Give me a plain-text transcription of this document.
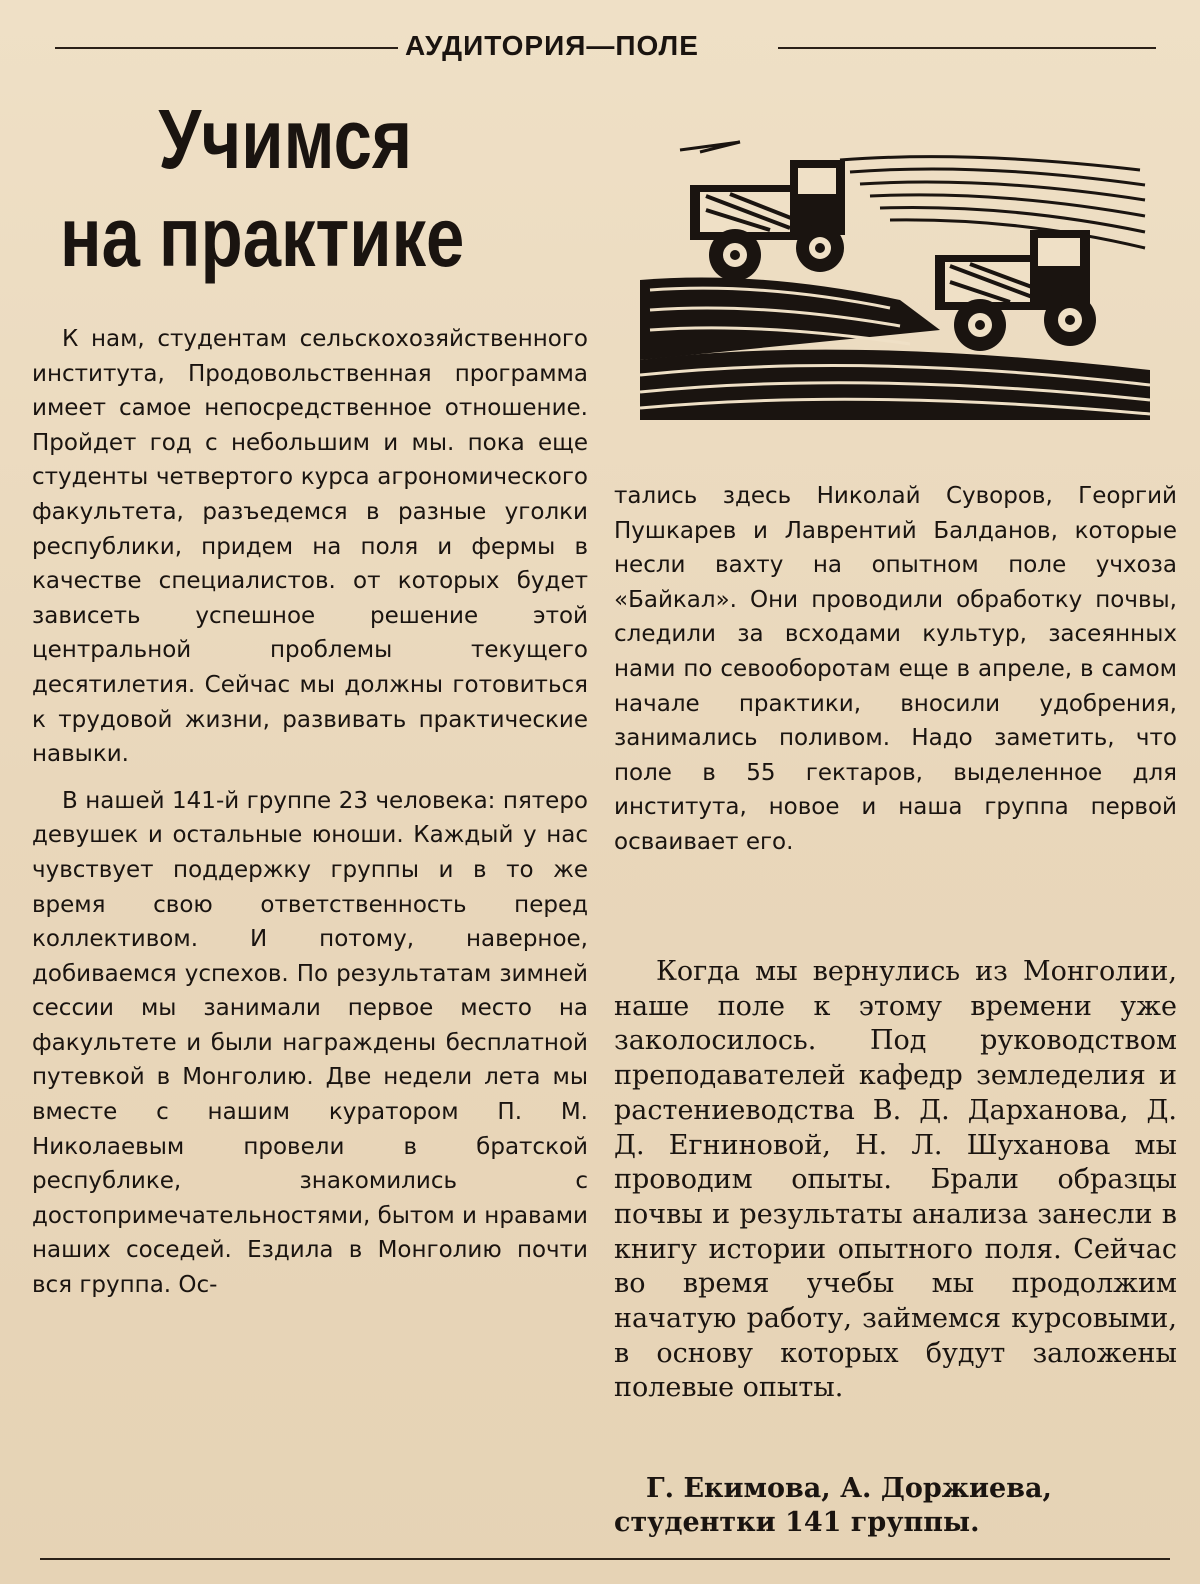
АУДИТОРИЯ—ПОЛЕ
Учимся
на практике

К нам, студентам сельскохозяйственного института, Продовольственная программа имеет самое непосредственное отношение. Пройдет год с небольшим и мы. пока еще студенты четвертого курса агрономического факультета, разъедемся в разные уголки республики, придем на поля и фермы в качестве специалистов. от которых будет зависеть успешное решение этой центральной проблемы текущего десятилетия. Сейчас мы должны готовиться к трудовой жизни, развивать практические навыки.

В нашей 141-й группе 23 человека: пятеро девушек и остальные юноши. Каждый у нас чувствует поддержку группы и в то же время свою ответственность перед коллективом. И потому, наверное, добиваемся успехов. По результатам зимней сессии мы занимали первое место на факультете и были награждены бесплатной путевкой в Монголию. Две недели лета мы вместе с нашим куратором П. М. Николаевым провели в братской республике, знакомились с достопримечательностями, бытом и нравами наших соседей. Ездила в Монголию почти вся группа. Ос-

тались здесь Николай Суворов, Георгий Пушкарев и Лаврентий Балданов, которые несли вахту на опытном поле учхоза «Байкал». Они проводили обработку почвы, следили за всходами культур, засеянных нами по севооборотам еще в апреле, в самом начале практики, вносили удобрения, занимались поливом. Надо заметить, что поле в 55 гектаров, выделенное для института, новое и наша группа первой осваивает его.

Когда мы вернулись из Монголии, наше поле к этому времени уже заколосилось. Под руководством преподавателей кафедр земледелия и растениеводства В. Д. Дарханова, Д. Д. Егниновой, Н. Л. Шуханова мы проводим опыты. Брали образцы почвы и результаты анализа занесли в книгу истории опытного поля. Сейчас во время учебы мы продолжим начатую работу, займемся курсовыми, в основу которых будут заложены полевые опыты.

Г. Екимова, А. Доржиева,
студентки 141 группы.
